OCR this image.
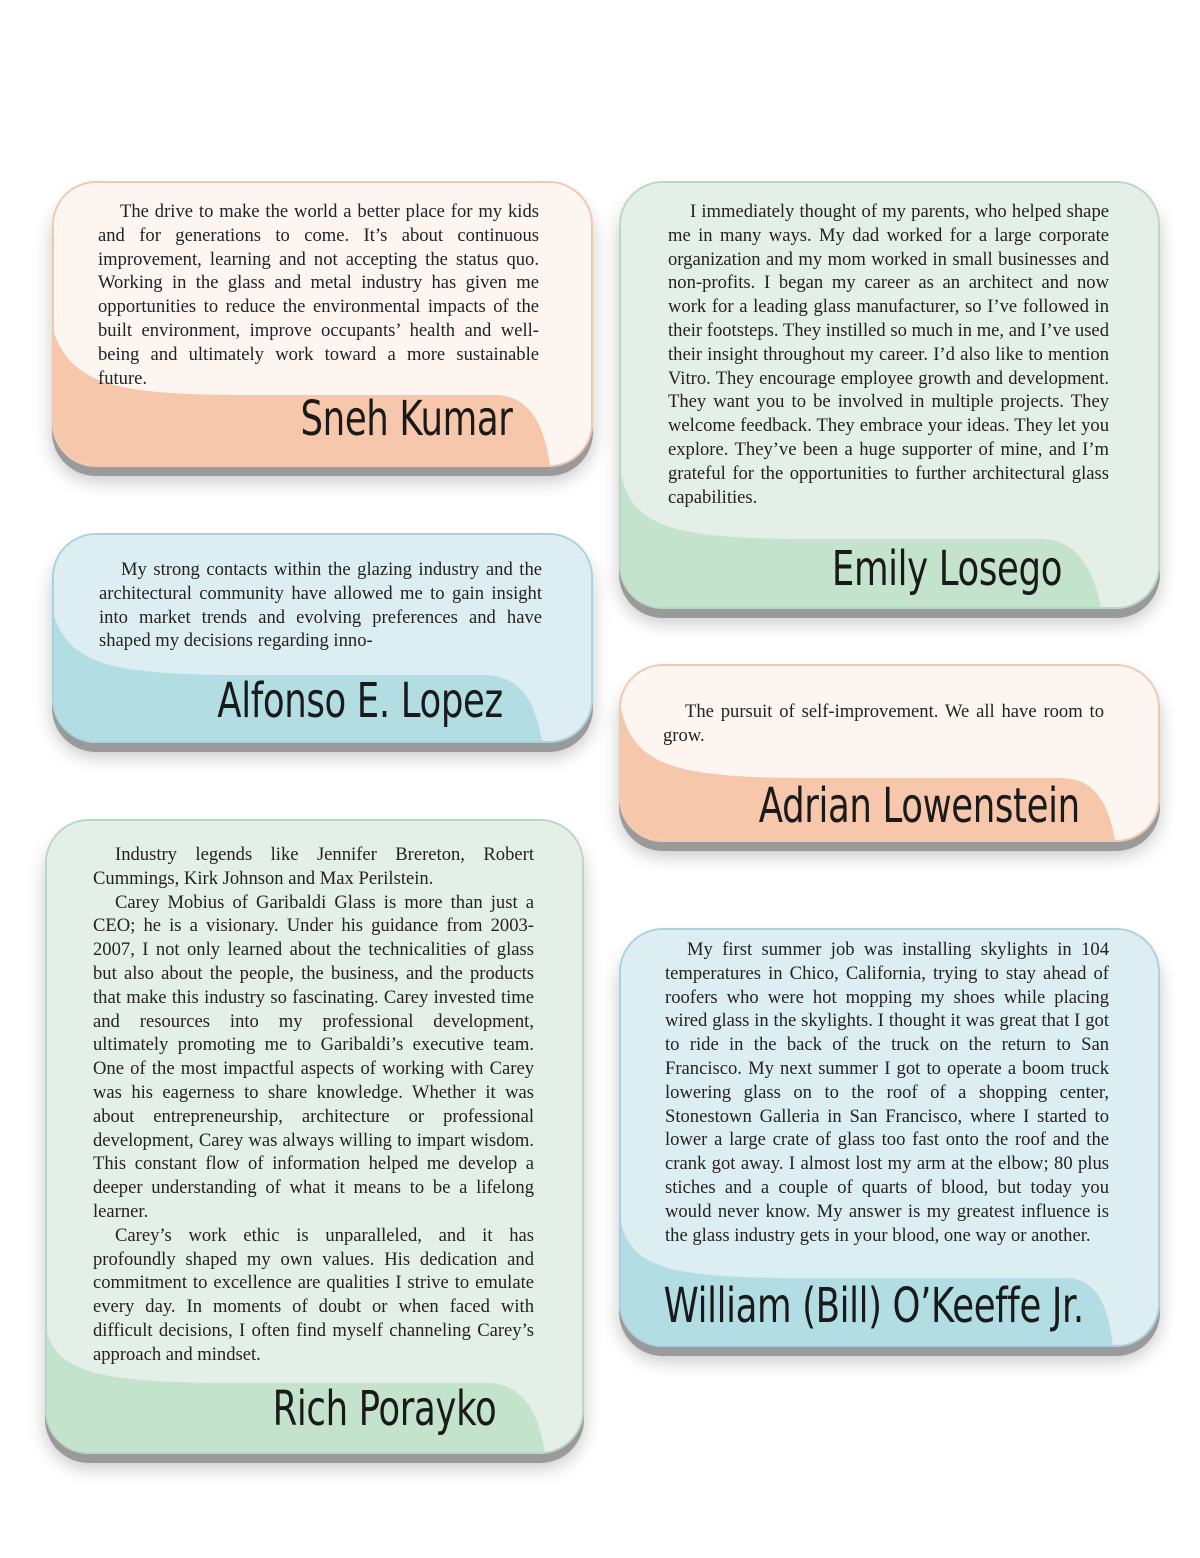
The drive to make the world a better place for my kids and for generations to come. It’s about continuous improvement, learning and not accepting the status quo. Working in the glass and metal industry has given me opportunities to reduce the environmental impacts of the built environment, improve occupants’ health and well-being and ultimately work toward a more sustainable future.

Sneh Kumar

I immediately thought of my parents, who helped shape me in many ways. My dad worked for a large corporate organization and my mom worked in small businesses and non-profits. I began my career as an architect and now work for a leading glass manufacturer, so I’ve followed in their footsteps. They instilled so much in me, and I’ve used their insight throughout my career. I’d also like to mention Vitro. They encourage employee growth and development. They want you to be involved in multiple projects. They welcome feedback. They embrace your ideas. They let you explore. They’ve been a huge supporter of mine, and I’m grateful for the opportunities to further architectural glass capabilities.

Emily Losego

My strong contacts within the glazing industry and the architectural community have allowed me to gain insight into market trends and evolving preferences and have shaped my decisions regarding inno-

Alfonso E. Lopez	The pursuit of self-improvement. We all have room to grow.

Adrian Lowenstein

Industry legends like Jennifer Brereton, Robert Cummings, Kirk Johnson and Max Perilstein.

Carey Mobius of Garibaldi Glass is more than just a CEO; he is a visionary. Under his guidance from 2003-2007, I not only learned about the technicalities of glass but also about the people, the business, and the products that make this industry so fascinating. Carey invested time and resources into my professional development, ultimately promoting me to Garibaldi’s executive team. One of the most impactful aspects of working with Carey was his eagerness to share knowledge. Whether it was about entrepreneurship, architecture or professional development, Carey was always willing to impart wisdom. This constant flow of information helped me develop a deeper understanding of what it means to be a lifelong learner.

Carey’s work ethic is unparalleled, and it has profoundly shaped my own values. His dedication and commitment to excellence are qualities I strive to emulate every day. In moments of doubt or when faced with difficult decisions, I often find myself channeling Carey’s approach and mindset.

Rich Porayko

My first summer job was installing skylights in 104 temperatures in Chico, California, trying to stay ahead of roofers who were hot mopping my shoes while placing wired glass in the skylights. I thought it was great that I got to ride in the back of the truck on the return to San Francisco. My next summer I got to operate a boom truck lowering glass on to the roof of a shopping center, Stonestown Galleria in San Francisco, where I started to lower a large crate of glass too fast onto the roof and the crank got away. I almost lost my arm at the elbow; 80 plus stiches and a couple of quarts of blood, but today you would never know. My answer is my greatest influence is the glass industry gets in your blood, one way or another.

William (Bill) O’Keeffe Jr.
